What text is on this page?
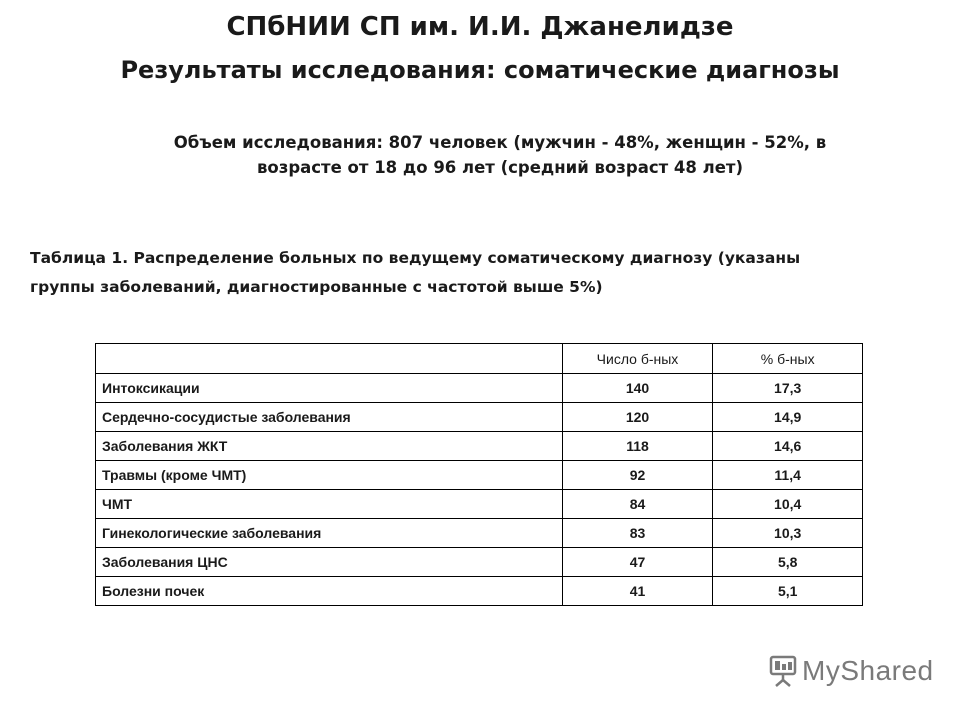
СПбНИИ СП им. И.И. Джанелидзе
Результаты исследования: соматические диагнозы

Объем исследования: 807 человек (мужчин - 48%, женщин - 52%, в
возрасте от 18 до 96 лет (средний возраст 48 лет)

Таблица 1. Распределение больных по ведущему соматическому диагнозу (указаны
группы заболеваний, диагностированные с частотой выше 5%)

	Число б-ных	% б-ных
Интоксикации	140	17,3
Сердечно-сосудистые заболевания	120	14,9
Заболевания ЖКТ	118	14,6
Травмы (кроме ЧМТ)	92	11,4
ЧМТ	84	10,4
Гинекологические заболевания	83	10,3
Заболевания ЦНС	47	5,8
Болезни почек	41	5,1
MyShared
